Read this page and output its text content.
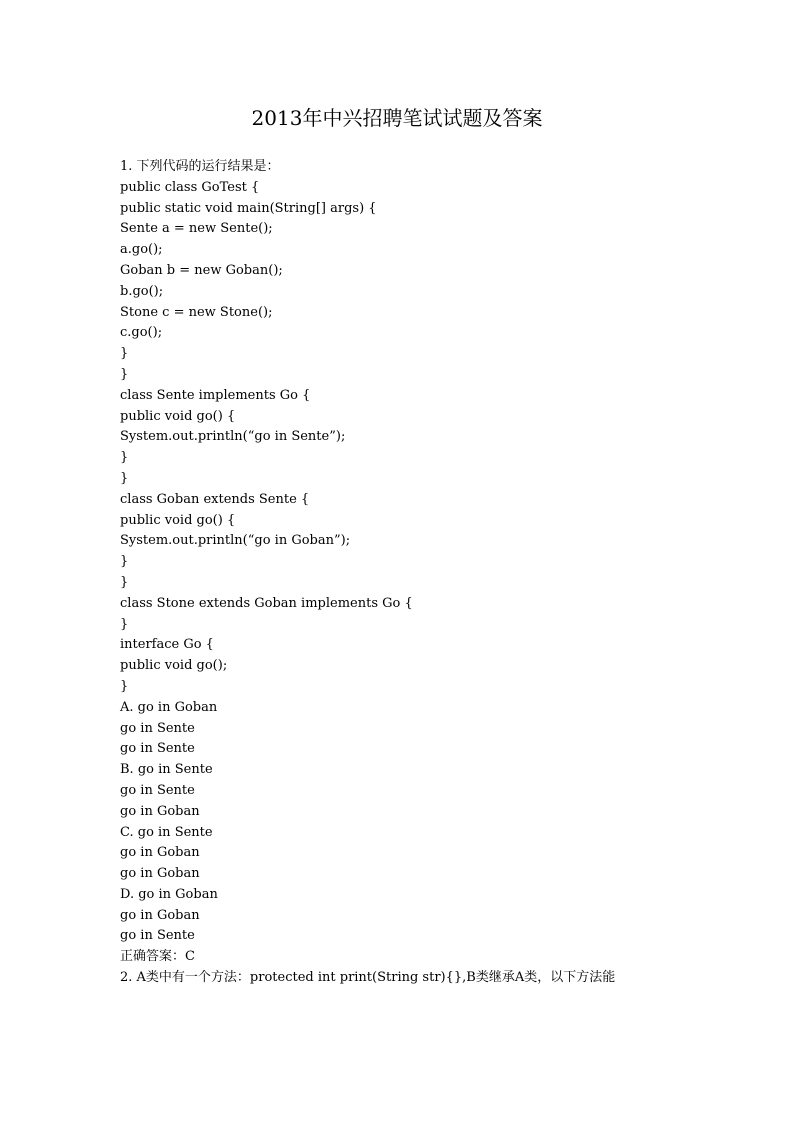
2013年中兴招聘笔试试题及答案
1. 下列代码的运行结果是：
public class GoTest {
public static void main(String[] args) {
Sente a = new Sente();
a.go();
Goban b = new Goban();
b.go();
Stone c = new Stone();
c.go();
}
}
class Sente implements Go {
public void go() {
System.out.println(“go in Sente”);
}
}
class Goban extends Sente {
public void go() {
System.out.println(“go in Goban”);
}
}
class Stone extends Goban implements Go {
}
interface Go {
public void go();
}
A. go in Goban
go in Sente
go in Sente
B. go in Sente
go in Sente
go in Goban
C. go in Sente
go in Goban
go in Goban
D. go in Goban
go in Goban
go in Sente
正确答案：C
2. A类中有一个方法：protected int print(String str){},B类继承A类，以下方法能
